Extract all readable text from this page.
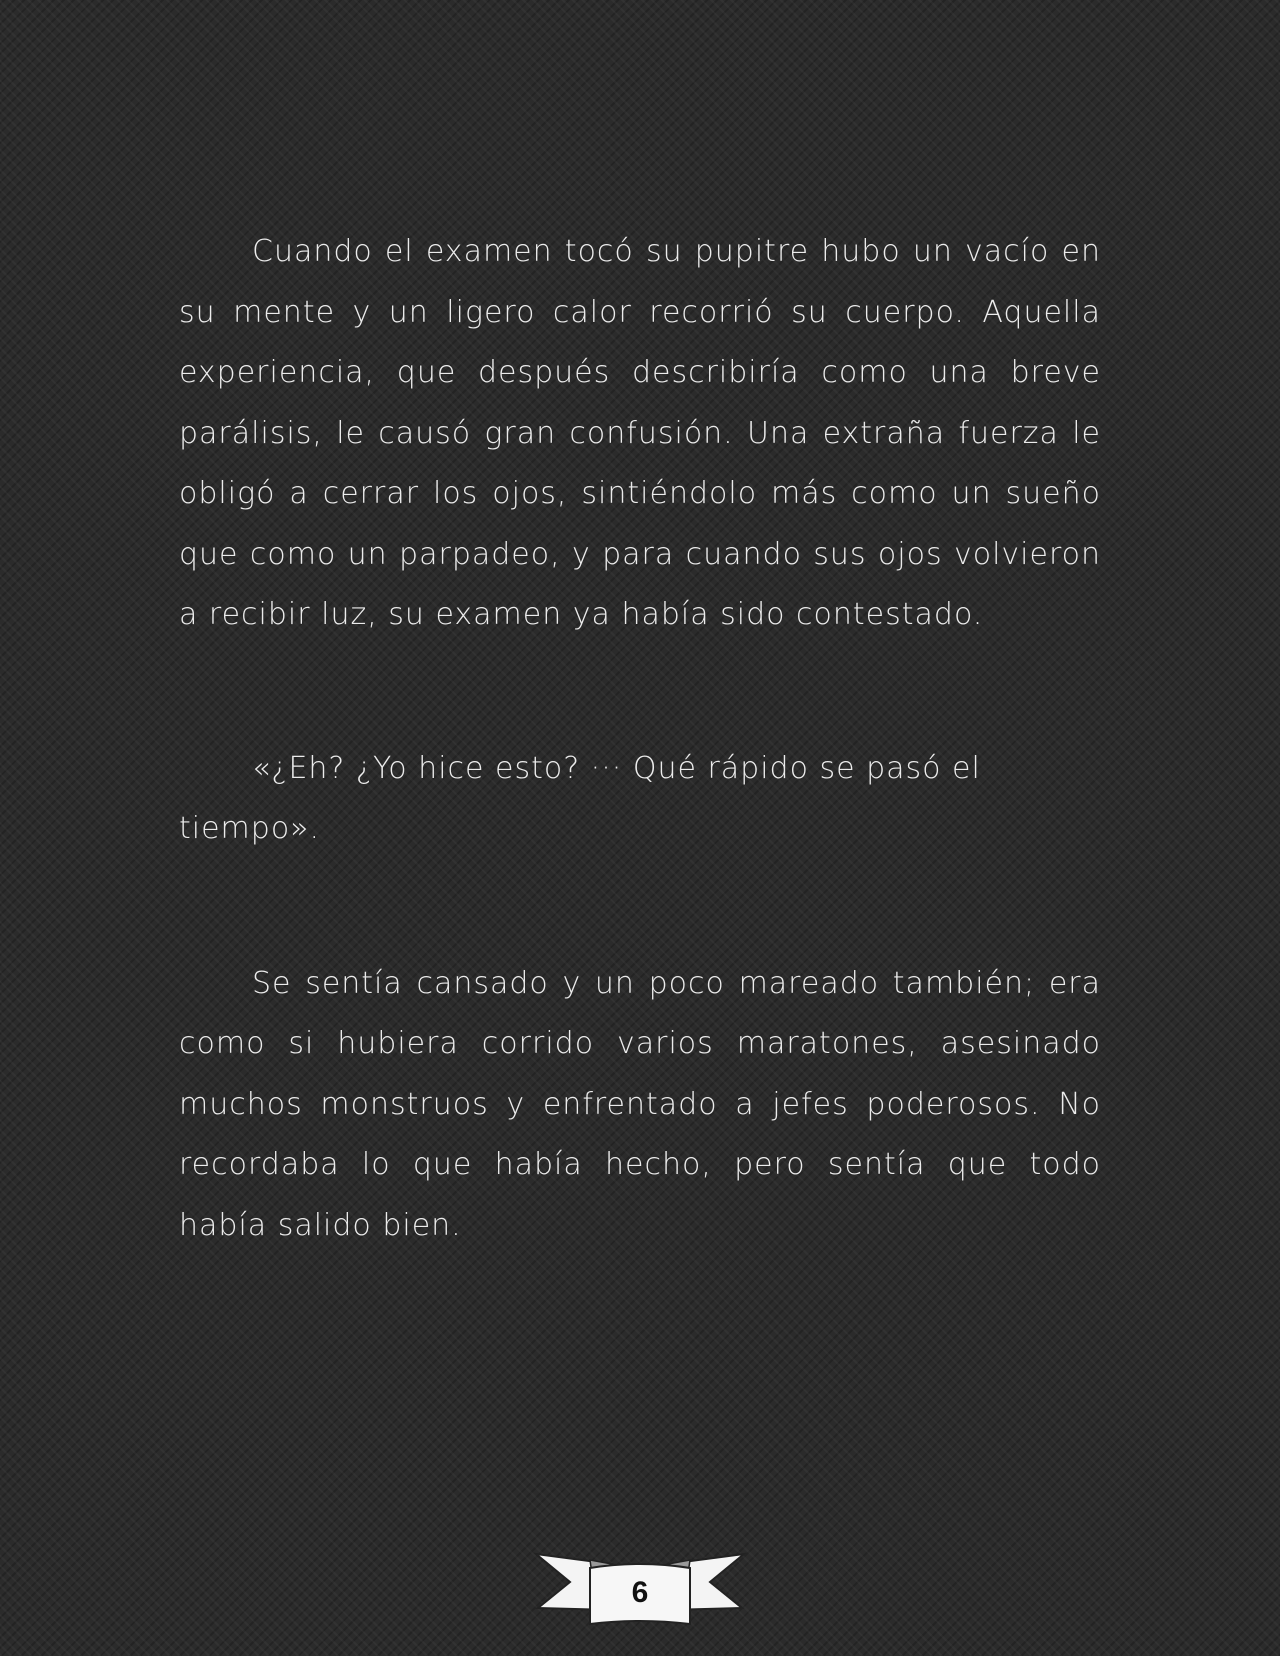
Cuando el examen tocó su pupitre hubo un vacío en su mente y un ligero calor recorrió su cuerpo. Aquella experiencia, que después describiría como una breve parálisis, le causó gran confusión. Una extraña fuerza le obligó a cerrar los ojos, sintiéndolo más como un sueño que como un parpadeo, y para cuando sus ojos volvieron a recibir luz, su examen ya había sido contestado.

«¿Eh? ¿Yo hice esto? ··· Qué rápido se pasó el tiempo».

Se sentía cansado y un poco mareado también; era como si hubiera corrido varios maratones, asesinado muchos monstruos y enfrentado a jefes poderosos. No recordaba lo que había hecho, pero sentía que todo había salido bien.

6
